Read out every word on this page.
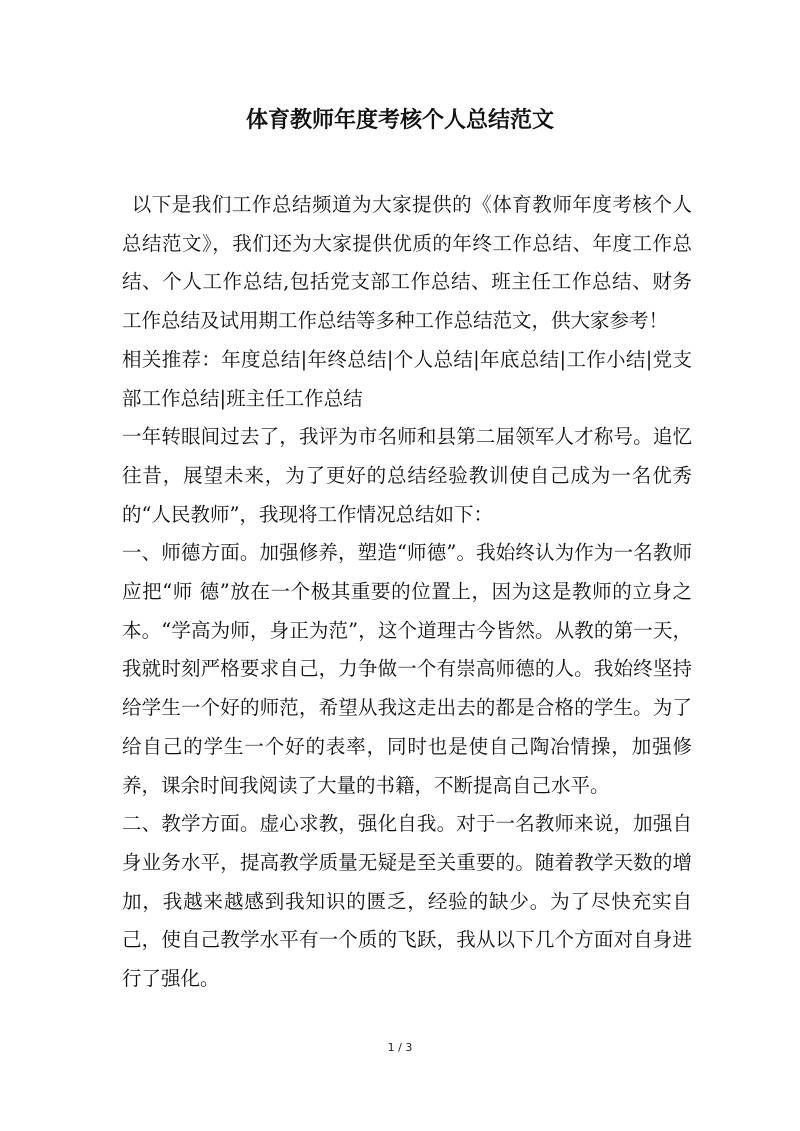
体育教师年度考核个人总结范文

以下是我们工作总结频道为大家提供的《体育教师年度考核个人总结范文》，我们还为大家提供优质的年终工作总结、年度工作总结、个人工作总结,包括党支部工作总结、班主任工作总结、财务工作总结及试用期工作总结等多种工作总结范文，供大家参考！

相关推荐：年度总结|年终总结|个人总结|年底总结|工作小结|党支部工作总结|班主任工作总结

一年转眼间过去了，我评为市名师和县第二届领军人才称号。追忆往昔，展望未来，为了更好的总结经验教训使自己成为一名优秀的“人民教师”，我现将工作情况总结如下：

一、师德方面。加强修养，塑造“师德”。我始终认为作为一名教师应把“师 德”放在一个极其重要的位置上，因为这是教师的立身之本。“学高为师，身正为范”，这个道理古今皆然。从教的第一天，我就时刻严格要求自己，力争做一个有崇高师德的人。我始终坚持给学生一个好的师范，希望从我这走出去的都是合格的学生。为了给自己的学生一个好的表率，同时也是使自己陶冶情操，加强修养，课余时间我阅读了大量的书籍，不断提高自己水平。

二、教学方面。虚心求教，强化自我。对于一名教师来说，加强自身业务水平，提高教学质量无疑是至关重要的。随着教学天数的增加，我越来越感到我知识的匮乏，经验的缺少。为了尽快充实自己，使自己教学水平有一个质的飞跃，我从以下几个方面对自身进行了强化。

1 / 3
